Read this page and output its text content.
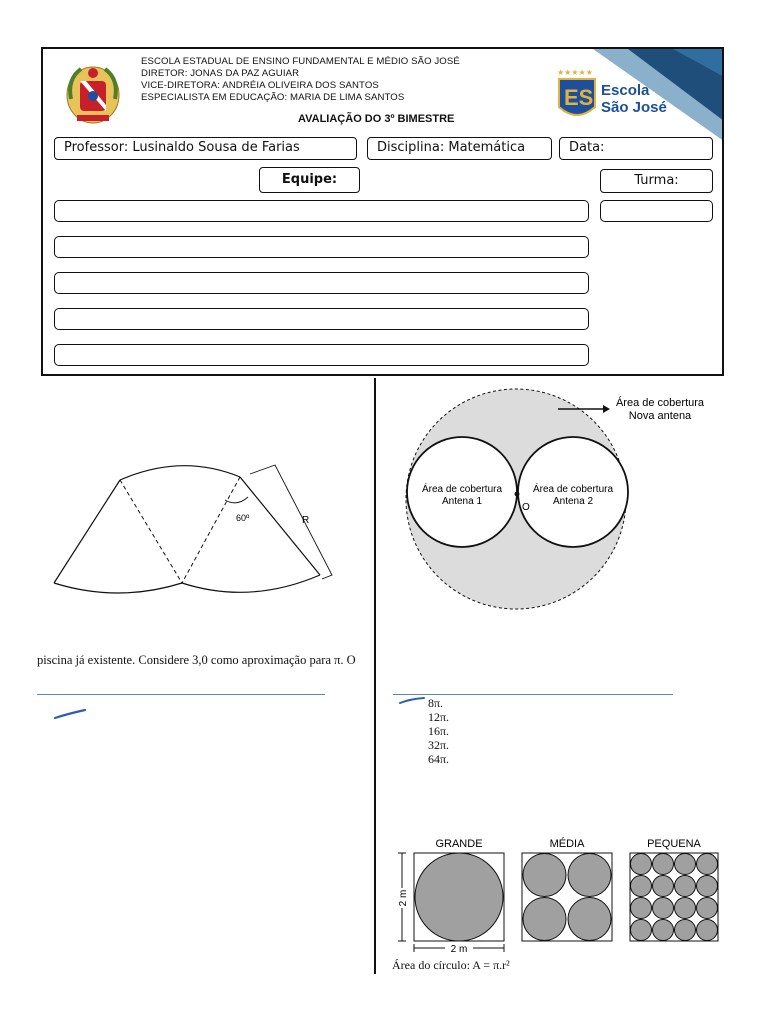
ESCOLA ESTADUAL DE ENSINO FUNDAMENTAL E MÉDIO SÃO JOSÉ
DIRETOR: JONAS DA PAZ AGUIAR
VICE-DIRETORA: ANDRÉIA OLIVEIRA DOS SANTOS
ESPECIALISTA EM EDUCAÇÃO: MARIA DE LIMA SANTOS
AVALIAÇÃO DO 3º BIMESTRE
ES
★★★★★
Escola
São José
Professor: Lusinaldo Sousa de Farias	Disciplina: Matemática	Data:
Equipe:	Turma:
60º	R
piscina já existente. Considere 3,0 como aproximação para π. O
Área de cobertura
Nova antena
Área de cobertura
Antena 1
Área de cobertura
Antena 2
O
8π.
12π.
16π.
32π.
64π.
GRANDE	MÉDIA	PEQUENA
2 m
2 m
Área do círculo: A = π.r²
